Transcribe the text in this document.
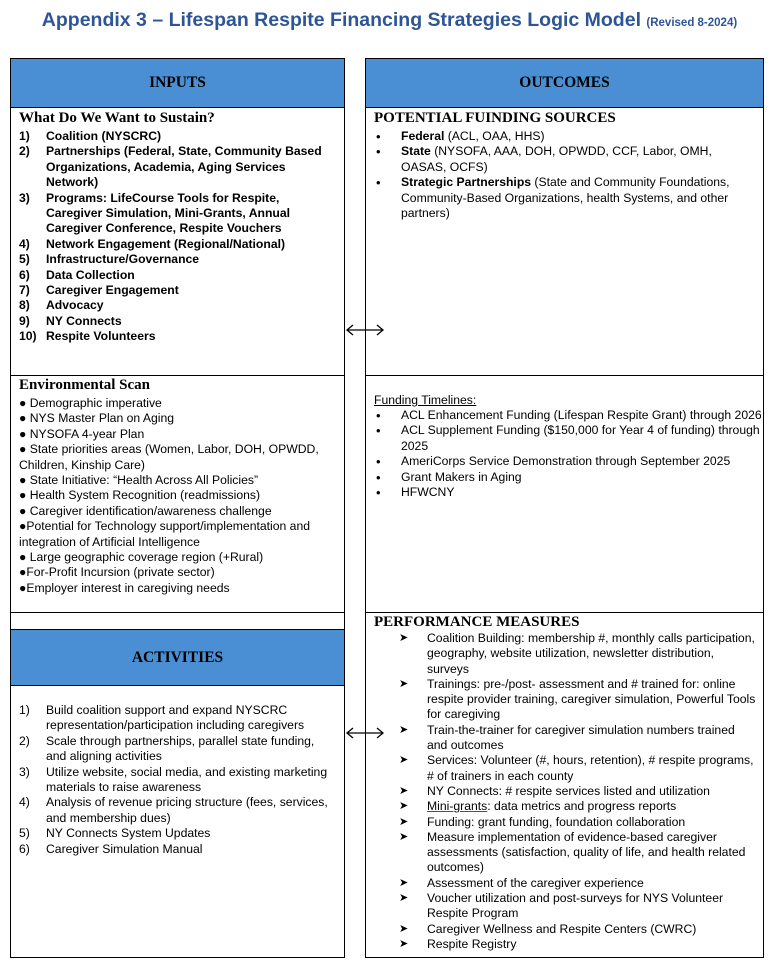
Appendix 3 – Lifespan Respite Financing Strategies Logic Model (Revised 8-2024)
INPUTS	OUTCOMES
ACTIVITIES
What Do We Want to Sustain?
1) Coalition (NYSCRC)
2) Partnerships (Federal, State, Community Based Organizations, Academia, Aging Services Network)
3) Programs: LifeCourse Tools for Respite, Caregiver Simulation, Mini-Grants, Annual Caregiver Conference, Respite Vouchers
4) Network Engagement (Regional/National)
5) Infrastructure/Governance
6) Data Collection
7) Caregiver Engagement
8) Advocacy
9) NY Connects
10) Respite Volunteers
POTENTIAL FUINDING SOURCES
• Federal (ACL, OAA, HHS)
• State (NYSOFA, AAA, DOH, OPWDD, CCF, Labor, OMH, OASAS, OCFS)
• Strategic Partnerships (State and Community Foundations, Community-Based Organizations, health Systems, and other partners)
Environmental Scan
● Demographic imperative
● NYS Master Plan on Aging
● NYSOFA 4-year Plan
● State priorities areas (Women, Labor, DOH, OPWDD, Children, Kinship Care)
● State Initiative: “Health Across All Policies”
● Health System Recognition (readmissions)
● Caregiver identification/awareness challenge
●Potential for Technology support/implementation and integration of Artificial Intelligence
● Large geographic coverage region (+Rural)
●For-Profit Incursion (private sector)
●Employer interest in caregiving needs
Funding Timelines:
• ACL Enhancement Funding (Lifespan Respite Grant) through 2026
• ACL Supplement Funding ($150,000 for Year 4 of funding) through 2025
• AmeriCorps Service Demonstration through September 2025
• Grant Makers in Aging
• HFWCNY
1) Build coalition support and expand NYSCRC representation/participation including caregivers
2) Scale through partnerships, parallel state funding, and aligning activities
3) Utilize website, social media, and existing marketing materials to raise awareness
4) Analysis of revenue pricing structure (fees, services, and membership dues)
5) NY Connects System Updates
6) Caregiver Simulation Manual
PERFORMANCE MEASURES
➤ Coalition Building: membership #, monthly calls participation, geography, website utilization, newsletter distribution, surveys
➤ Trainings: pre-/post- assessment and # trained for: online respite provider training, caregiver simulation, Powerful Tools for caregiving
➤ Train-the-trainer for caregiver simulation numbers trained and outcomes
➤ Services: Volunteer (#, hours, retention), # respite programs, # of trainers in each county
➤ NY Connects: # respite services listed and utilization
➤ Mini-grants: data metrics and progress reports
➤ Funding: grant funding, foundation collaboration
➤ Measure implementation of evidence-based caregiver assessments (satisfaction, quality of life, and health related outcomes)
➤ Assessment of the caregiver experience
➤ Voucher utilization and post-surveys for NYS Volunteer Respite Program
➤ Caregiver Wellness and Respite Centers (CWRC)
➤ Respite Registry
